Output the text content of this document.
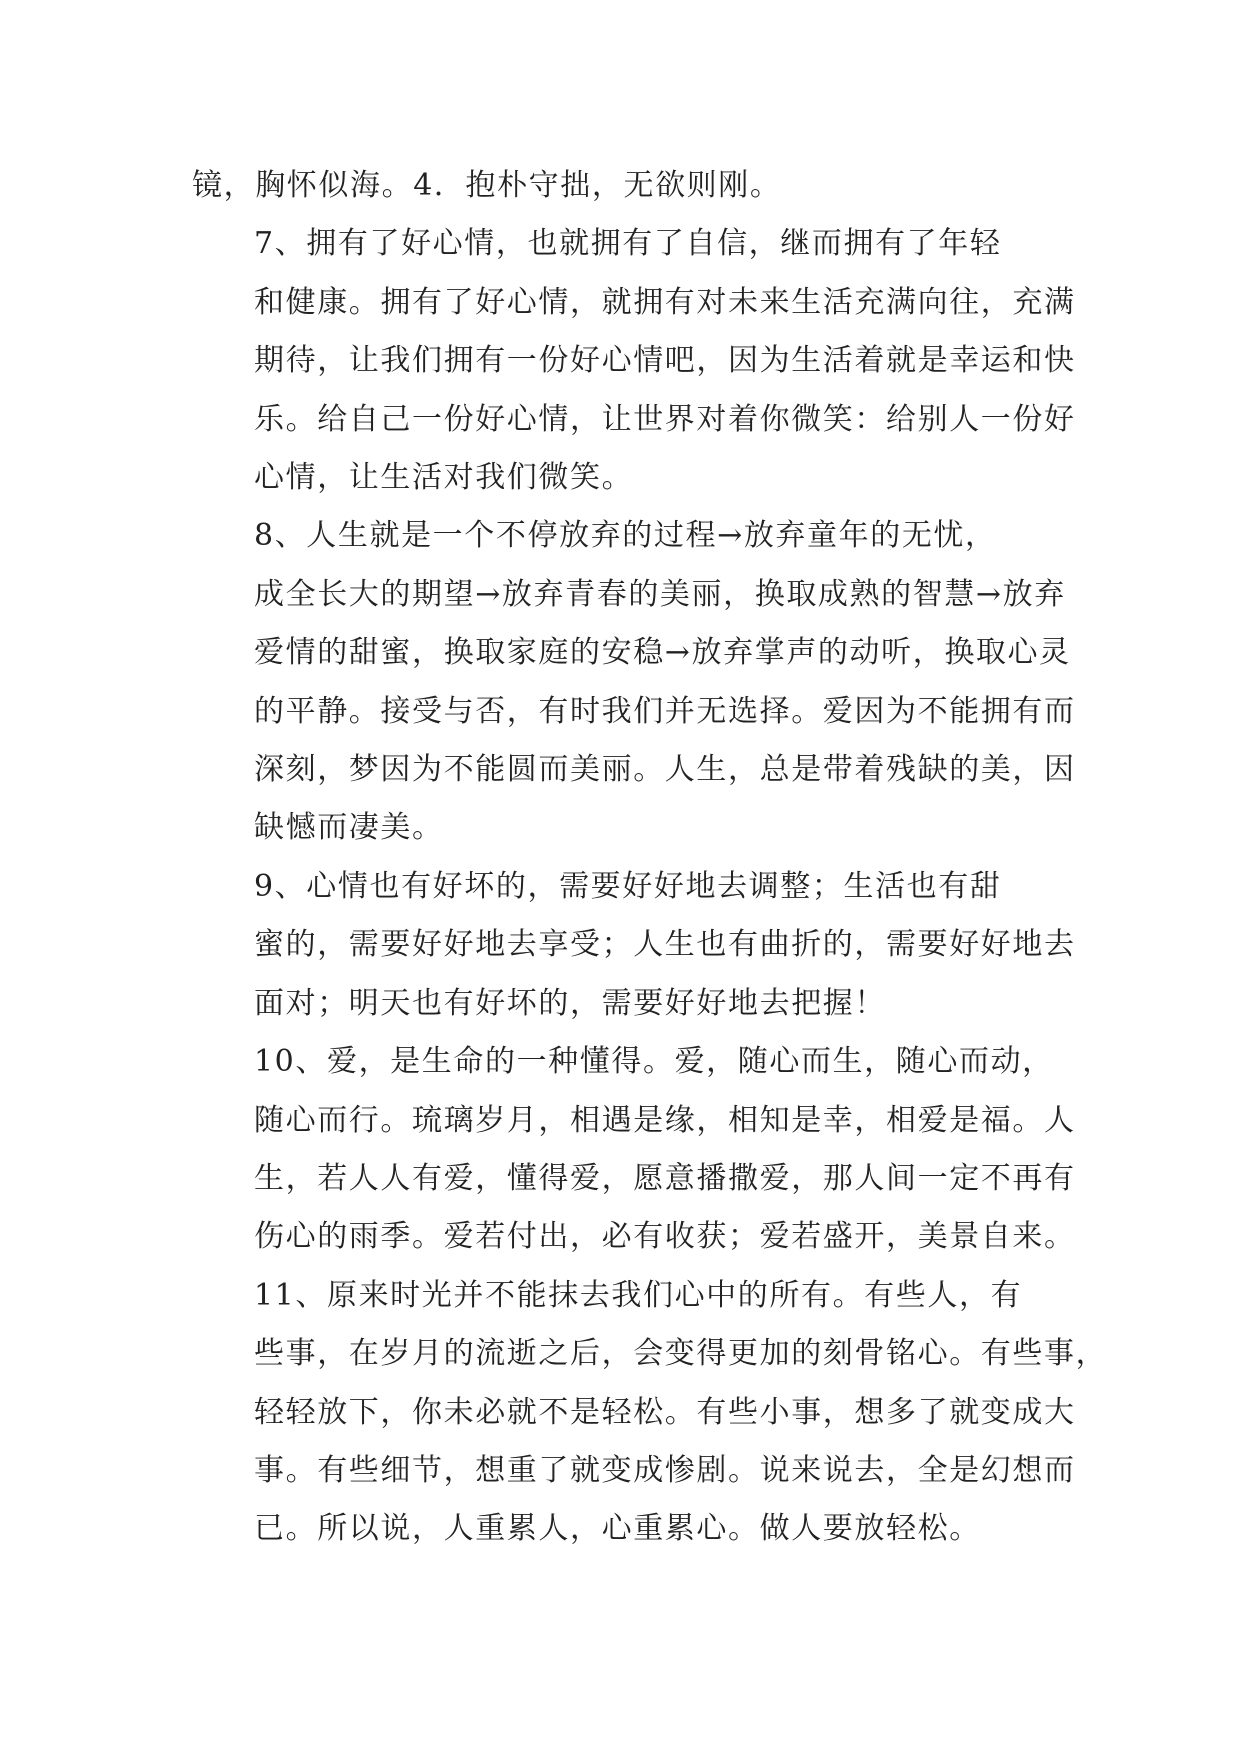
镜，胸怀似海。4．抱朴守拙，无欲则刚。

7、拥有了好心情，也就拥有了自信，继而拥有了年轻
和健康。拥有了好心情，就拥有对未来生活充满向往，充满
期待，让我们拥有一份好心情吧，因为生活着就是幸运和快
乐。给自己一份好心情，让世界对着你微笑：给别人一份好
心情，让生活对我们微笑。

8、人生就是一个不停放弃的过程→放弃童年的无忧，
成全长大的期望→放弃青春的美丽，换取成熟的智慧→放弃
爱情的甜蜜，换取家庭的安稳→放弃掌声的动听，换取心灵
的平静。接受与否，有时我们并无选择。爱因为不能拥有而
深刻，梦因为不能圆而美丽。人生，总是带着残缺的美，因
缺憾而凄美。

9、心情也有好坏的，需要好好地去调整；生活也有甜
蜜的，需要好好地去享受；人生也有曲折的，需要好好地去
面对；明天也有好坏的，需要好好地去把握！

10、爱，是生命的一种懂得。爱，随心而生，随心而动，
随心而行。琉璃岁月，相遇是缘，相知是幸，相爱是福。人
生，若人人有爱，懂得爱，愿意播撒爱，那人间一定不再有
伤心的雨季。爱若付出，必有收获；爱若盛开，美景自来。

11、原来时光并不能抹去我们心中的所有。有些人，有
些事，在岁月的流逝之后，会变得更加的刻骨铭心。有些事，
轻轻放下，你未必就不是轻松。有些小事，想多了就变成大
事。有些细节，想重了就变成惨剧。说来说去，全是幻想而
已。所以说，人重累人，心重累心。做人要放轻松。
